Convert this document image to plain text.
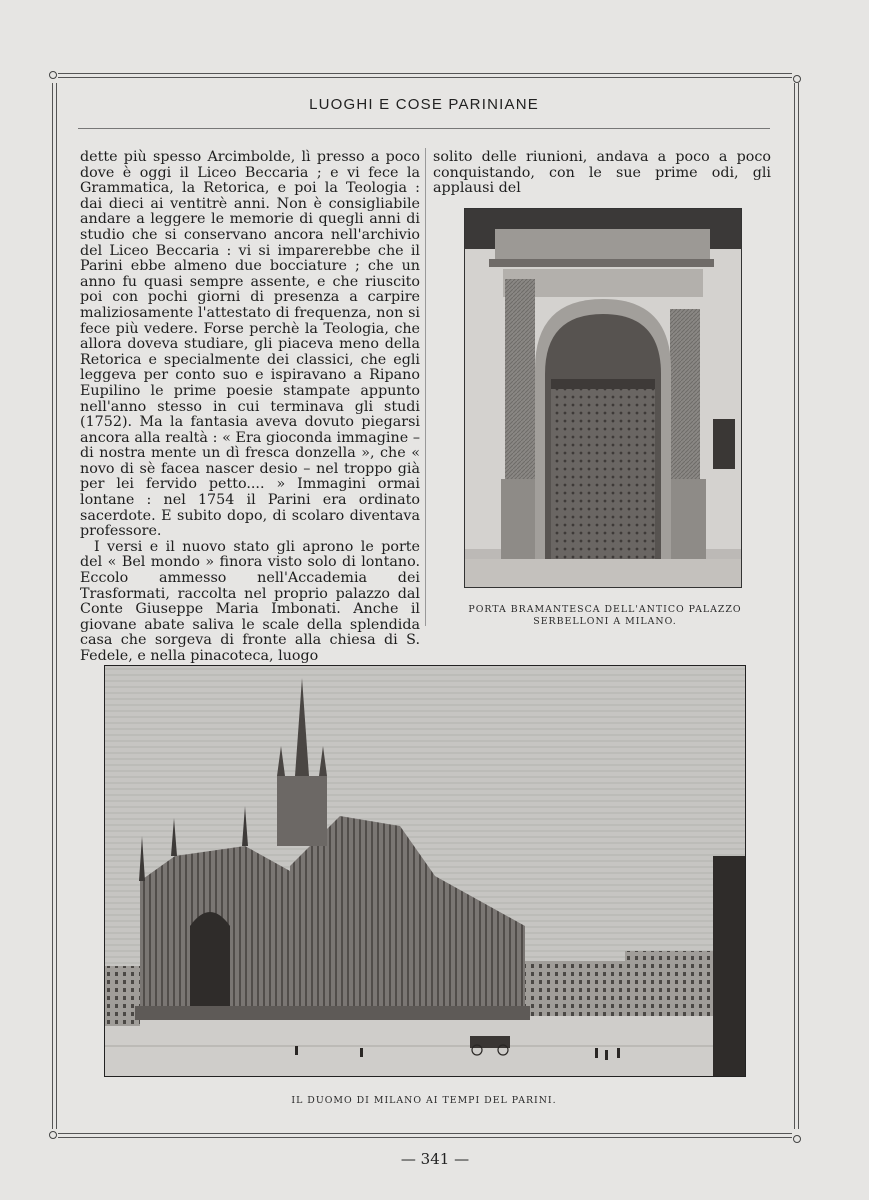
LUOGHI E COSE PARINIANE

dette più spesso Arcimbolde, lì presso a poco dove è oggi il Liceo Beccaria ; e vi fece la Grammatica, la Retorica, e poi la Teologia : dai dieci ai ventitrè anni. Non è consigliabile andare a leggere le memorie di quegli anni di studio che si conservano ancora nell'archivio del Liceo Beccaria : vi si imparerebbe che il Parini ebbe almeno due bocciature ; che un anno fu quasi sempre assente, e che riuscito poi con pochi giorni di presenza a carpire maliziosamente l'attestato di frequenza, non si fece più vedere. Forse perchè la Teologia, che allora doveva studiare, gli piaceva meno della Retorica e specialmente dei classici, che egli leggeva per conto suo e ispiravano a Ripano Eupilino le prime poesie stampate appunto nell'anno stesso in cui terminava gli studi (1752). Ma la fantasia aveva dovuto piegarsi ancora alla realtà : « Era gioconda immagine – di nostra mente un dì fresca donzella », che « novo di sè facea nascer desio – nel troppo già per lei fervido petto.... » Immagini ormai lontane : nel 1754 il Parini era ordinato sacerdote. E subito dopo, di scolaro diventava professore.

I versi e il nuovo stato gli aprono le porte del « Bel mondo » finora visto solo di lontano. Eccolo ammesso nell'Accademia dei Trasformati, raccolta nel proprio palazzo dal Conte Giuseppe Maria Imbonati. Anche il giovane abate saliva le scale della splendida casa che sorgeva di fronte alla chiesa di S. Fedele, e nella pinacoteca, luogo

solito delle riunioni, andava a poco a poco conquistando, con le sue prime odi, gli applausi del

PORTA BRAMANTESCA DELL'ANTICO PALAZZO SERBELLONI A MILANO.
IL DUOMO DI MILANO AI TEMPI DEL PARINI.
— 341 —
